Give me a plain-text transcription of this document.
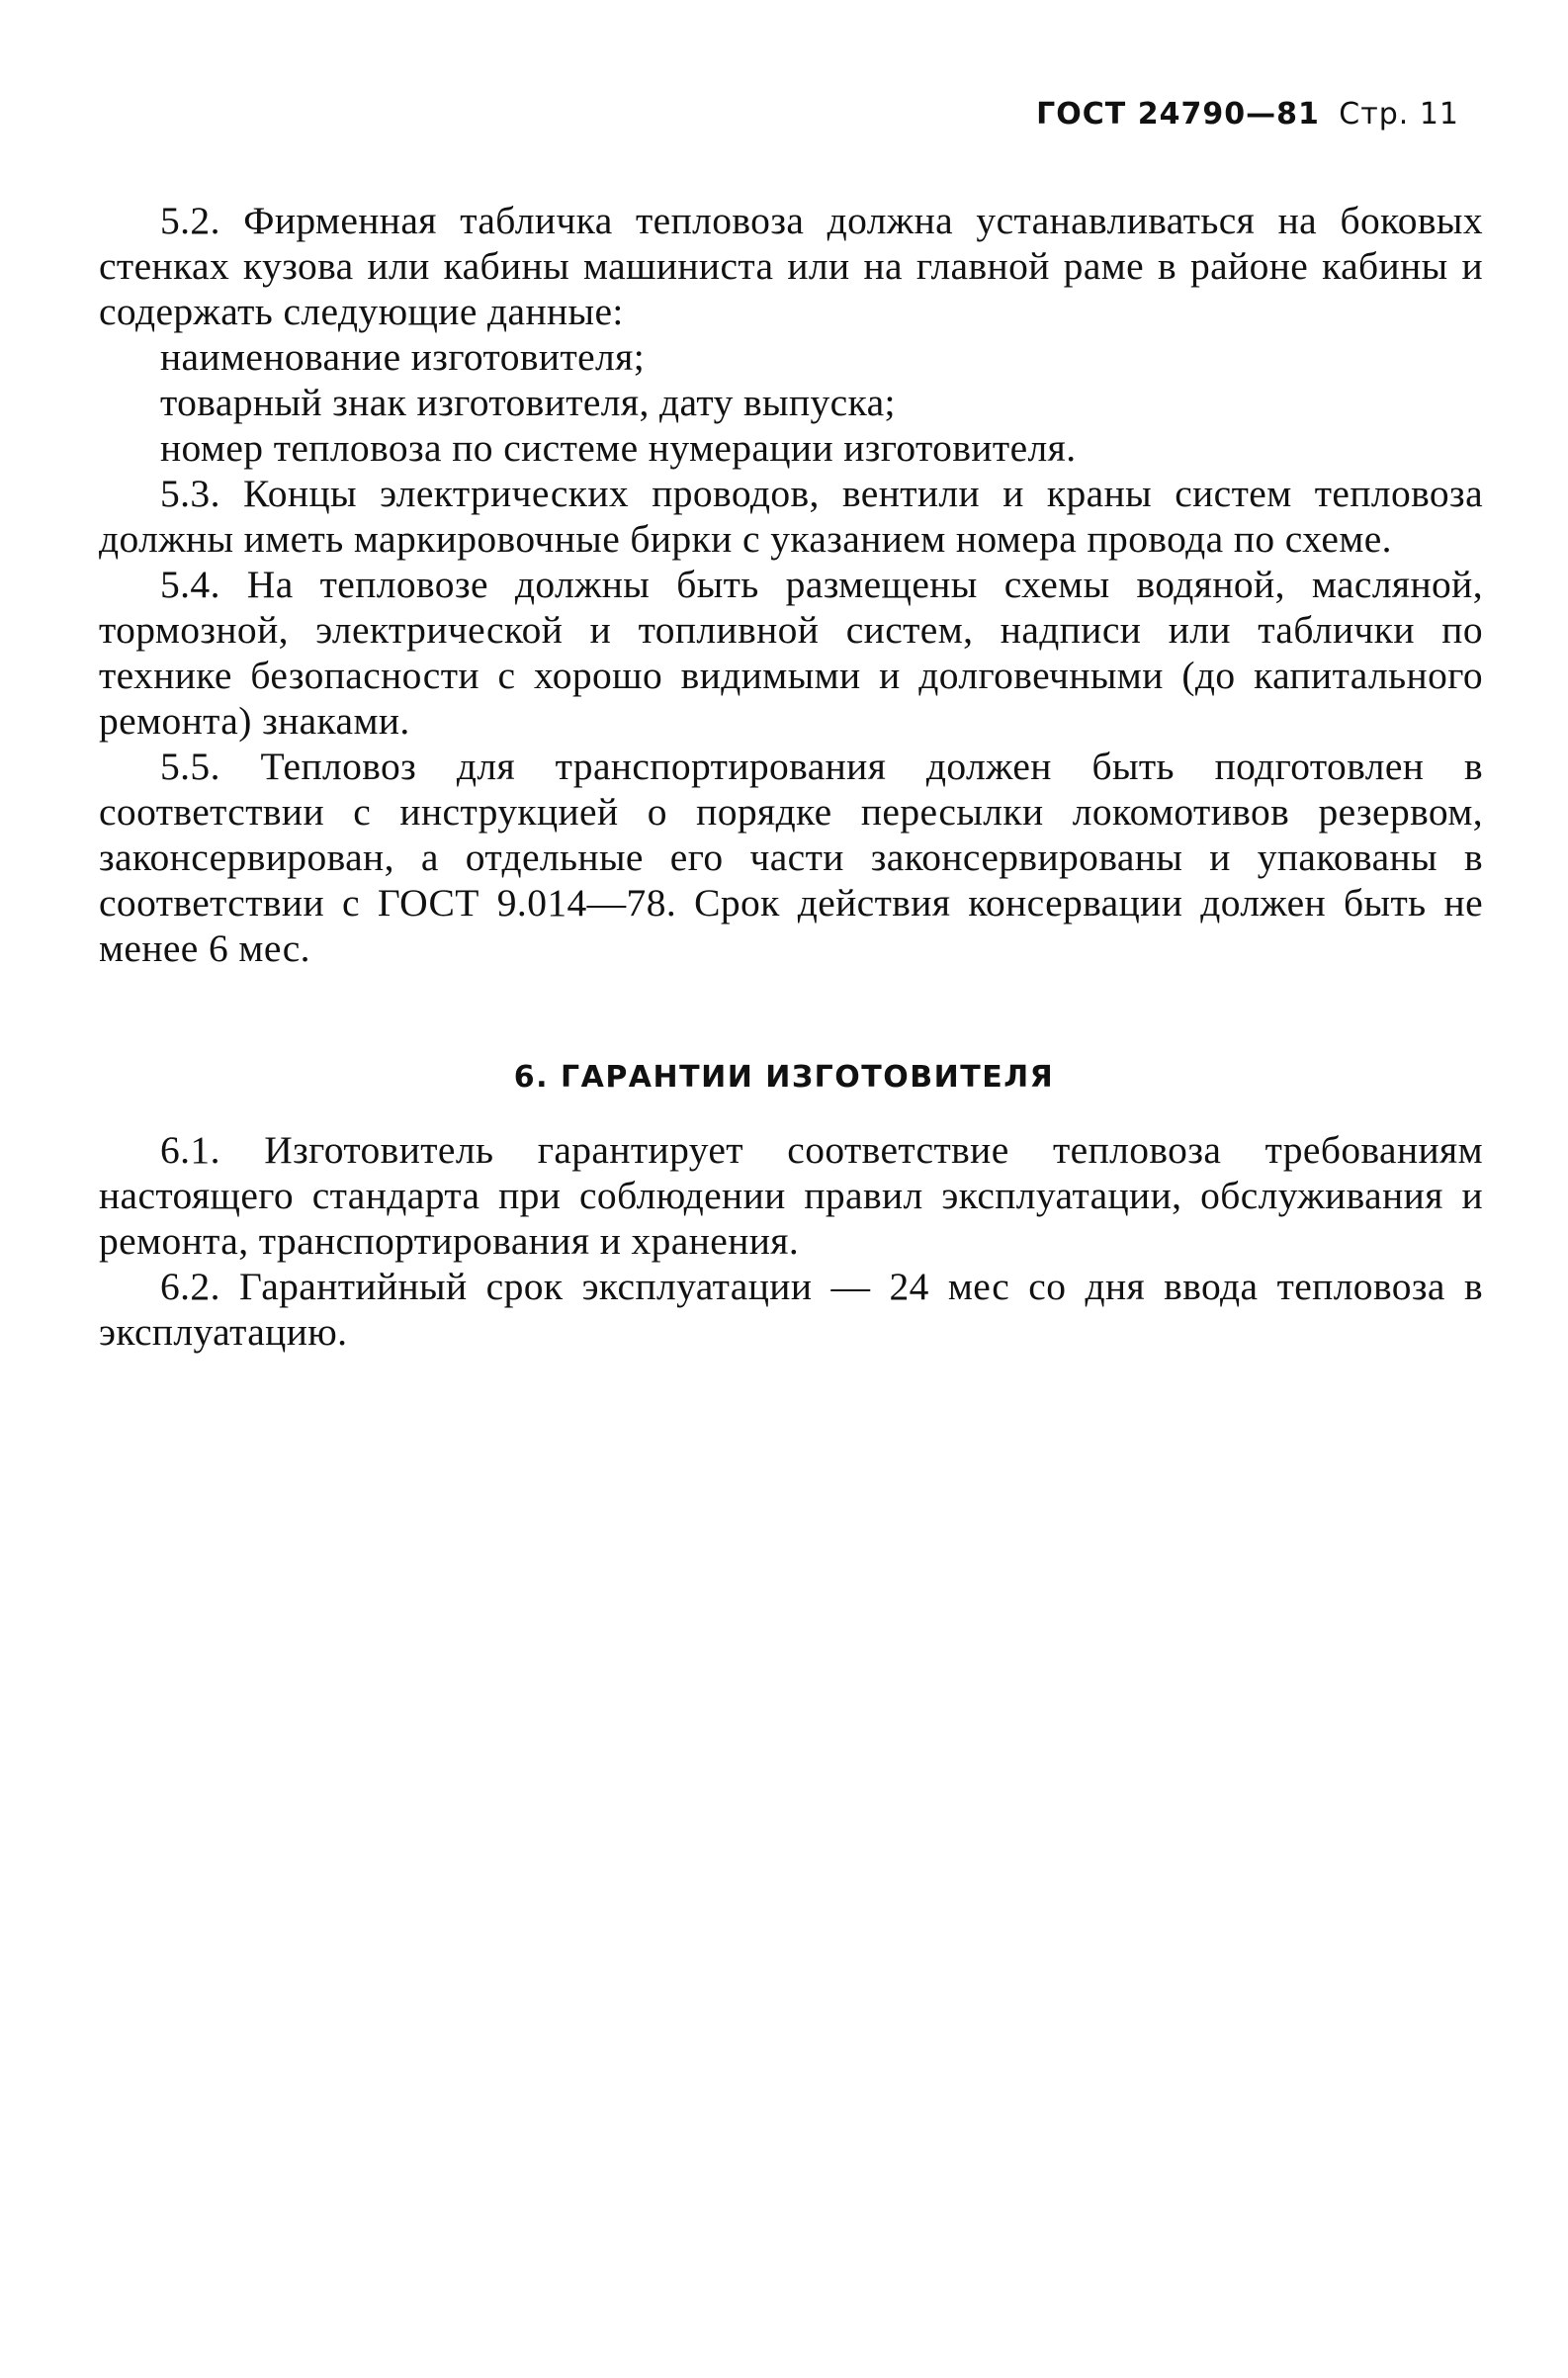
ГОСТ 24790—81 Стр. 11

5.2. Фирменная табличка тепловоза должна устанавливаться на боковых стенках кузова или кабины машиниста или на главной раме в районе кабины и содержать следующие данные:

наименование изготовителя;

товарный знак изготовителя, дату выпуска;

номер тепловоза по системе нумерации изготовителя.

5.3. Концы электрических проводов, вентили и краны систем тепловоза должны иметь маркировочные бирки с указанием номера провода по схеме.

5.4. На тепловозе должны быть размещены схемы водяной, масляной, тормозной, электрической и топливной систем, надписи или таблички по технике безопасности с хорошо видимыми и долговечными (до капитального ремонта) знаками.

5.5. Тепловоз для транспортирования должен быть подготовлен в соответствии с инструкцией о порядке пересылки локомотивов резервом, законсервирован, а отдельные его части законсервированы и упакованы в соответствии с ГОСТ 9.014—78. Срок действия консервации должен быть не менее 6 мес.

6. ГАРАНТИИ ИЗГОТОВИТЕЛЯ

6.1. Изготовитель гарантирует соответствие тепловоза требованиям настоящего стандарта при соблюдении правил эксплуатации, обслуживания и ремонта, транспортирования и хранения.

6.2. Гарантийный срок эксплуатации — 24 мес со дня ввода тепловоза в эксплуатацию.
